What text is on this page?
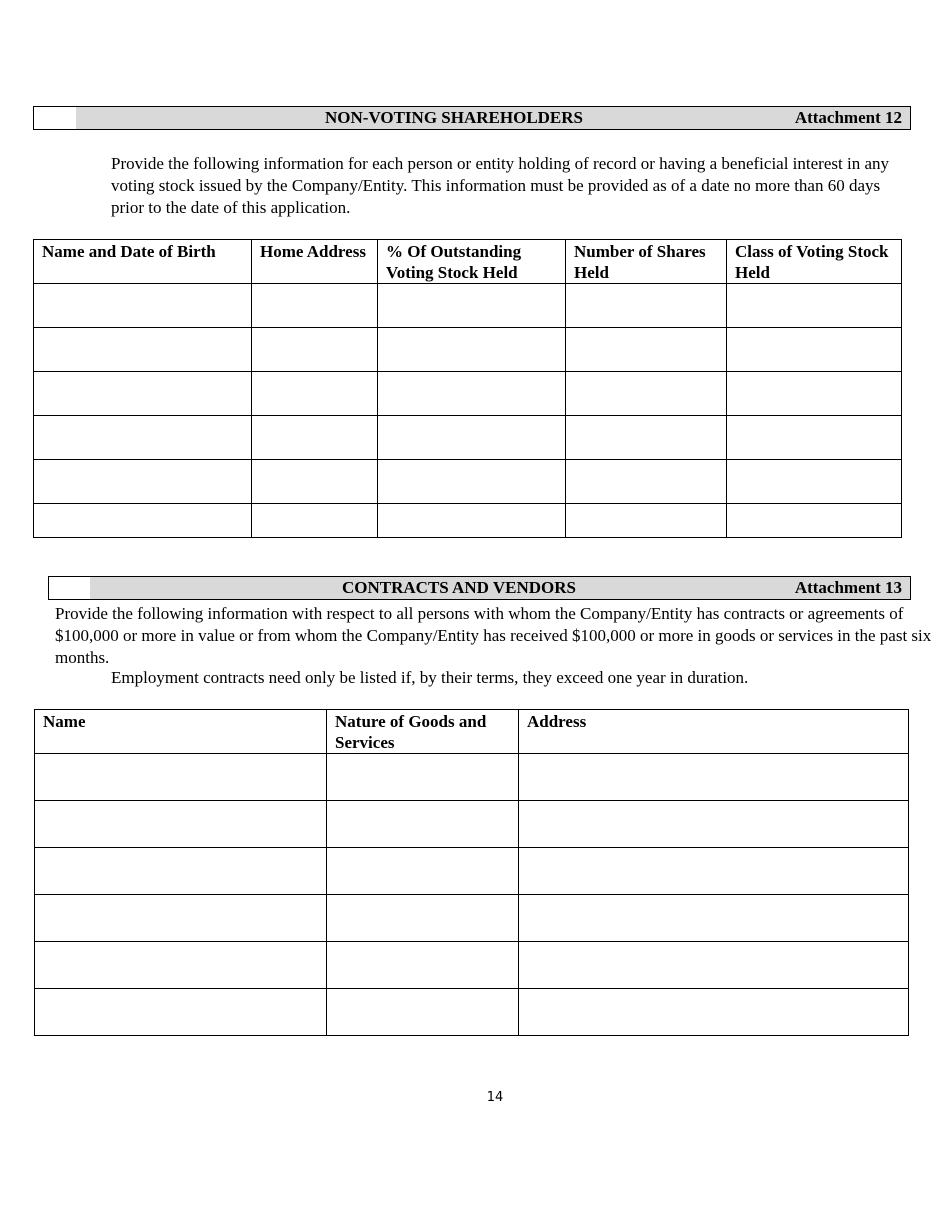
NON-VOTING SHAREHOLDERS	Attachment 12

Provide the following information for each person or entity holding of record or having a beneficial interest in any voting stock issued by the Company/Entity. This information must be provided as of a date no more than 60 days prior to the date of this application.

Name and Date of Birth	Home Address	% Of Outstanding Voting Stock Held	Number of Shares Held	Class of Voting Stock Held

CONTRACTS AND VENDORS	Attachment 13

Provide the following information with respect to all persons with whom the Company/Entity has contracts or agreements of $100,000 or more in value or from whom the Company/Entity has received $100,000 or more in goods or services in the past six months.

Employment contracts need only be listed if, by their terms, they exceed one year in duration.

Name	Nature of Goods and Services	Address

14
